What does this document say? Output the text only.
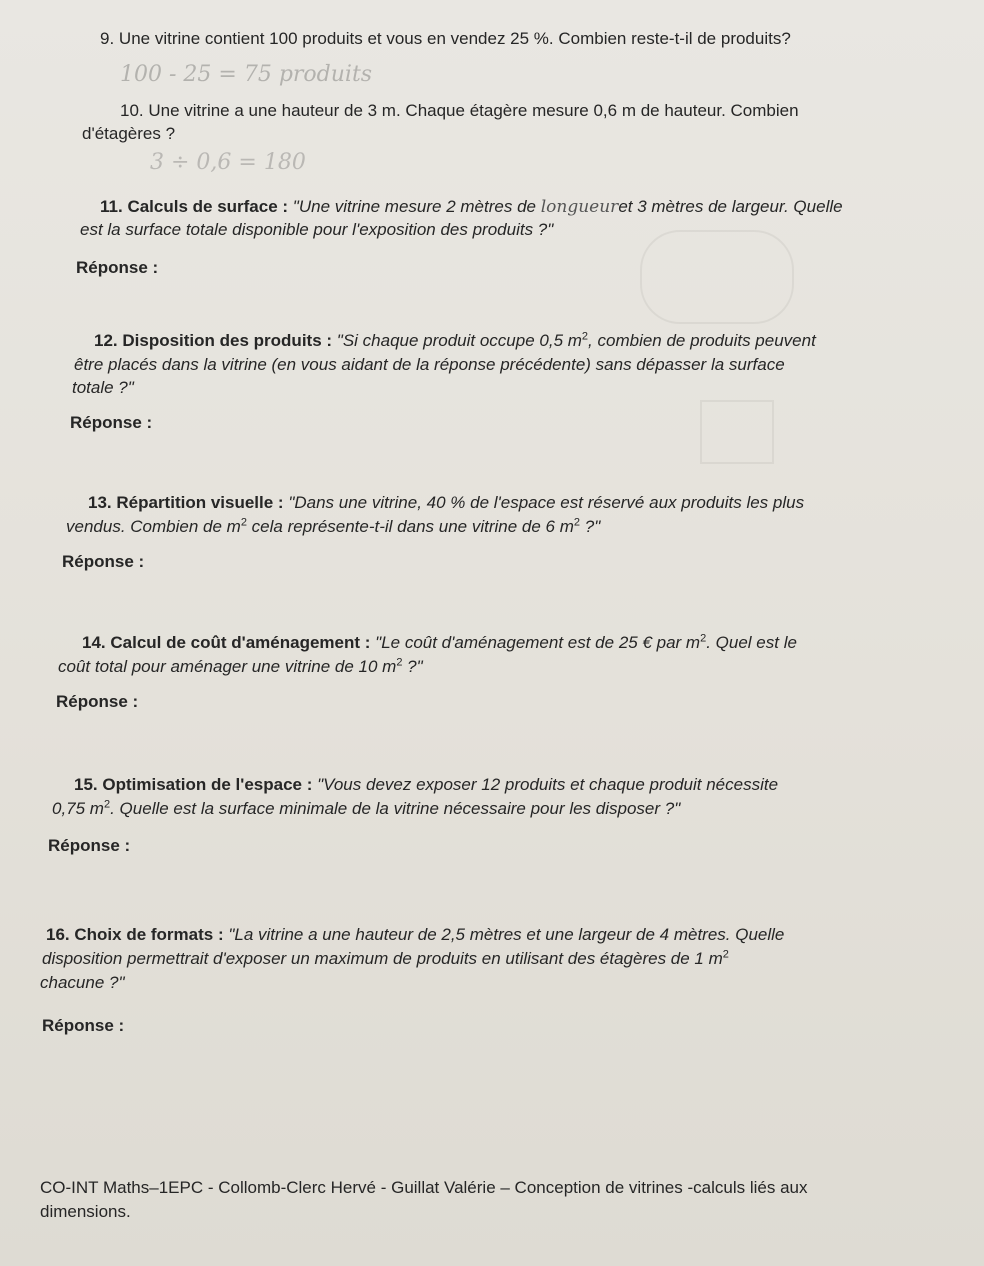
9. Une vitrine contient 100 produits et vous en vendez 25 %. Combien reste-t-il de produits?
100 - 25 = 75 produits
10. Une vitrine a une hauteur de 3 m. Chaque étagère mesure 0,6 m de hauteur. Combien
d'étagères ?
3 ÷ 0,6 = 180
11. Calculs de surface : "Une vitrine mesure 2 mètres de longueuret 3 mètres de largeur. Quelle
est la surface totale disponible pour l'exposition des produits ?"
Réponse :
12. Disposition des produits : "Si chaque produit occupe 0,5 $m^2$, combien de produits peuvent
être placés dans la vitrine (en vous aidant de la réponse précédente) sans dépasser la surface
totale ?"
Réponse :
13. Répartition visuelle : "Dans une vitrine, 40 % de l'espace est réservé aux produits les plus
vendus. Combien de $m^2$ cela représente-t-il dans une vitrine de 6 $m^2$ ?"
Réponse :
14. Calcul de coût d'aménagement : "Le coût d'aménagement est de 25 € par $m^2$. Quel est le
coût total pour aménager une vitrine de 10 $m^2$ ?"
Réponse :
15. Optimisation de l'espace : "Vous devez exposer 12 produits et chaque produit nécessite
0,75 $m^2$. Quelle est la surface minimale de la vitrine nécessaire pour les disposer ?"
Réponse :
16. Choix de formats : "La vitrine a une hauteur de 2,5 mètres et une largeur de 4 mètres. Quelle
disposition permettrait d'exposer un maximum de produits en utilisant des étagères de 1 $m^2$
chacune ?"
Réponse :
CO-INT Maths–1EPC - Collomb-Clerc Hervé - Guillat Valérie – Conception de vitrines -calculs liés aux
dimensions.
